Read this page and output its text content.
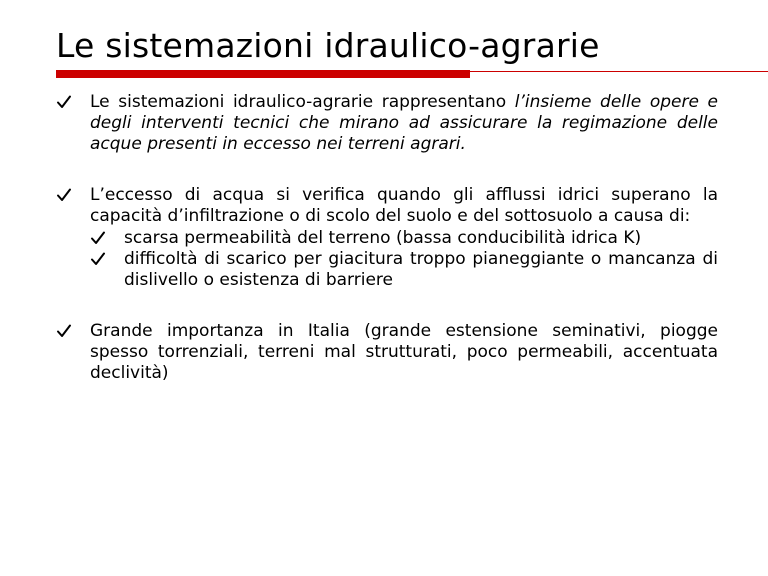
Le sistemazioni idraulico-agrarie
Le sistemazioni idraulico-agrarie rappresentano l’insieme delle opere e degli interventi tecnici che mirano ad assicurare la regimazione delle acque presenti in eccesso nei terreni agrari.
L’eccesso di acqua si verifica quando gli afflussi idrici superano la capacità d’infiltrazione o di scolo del suolo e del sottosuolo a causa di:
scarsa permeabilità del terreno (bassa conducibilità idrica K)
difficoltà di scarico per giacitura troppo pianeggiante o mancanza di dislivello o esistenza di barriere
Grande importanza in Italia (grande estensione seminativi, piogge spesso torrenziali, terreni mal strutturati, poco permeabili, accentuata declività)
